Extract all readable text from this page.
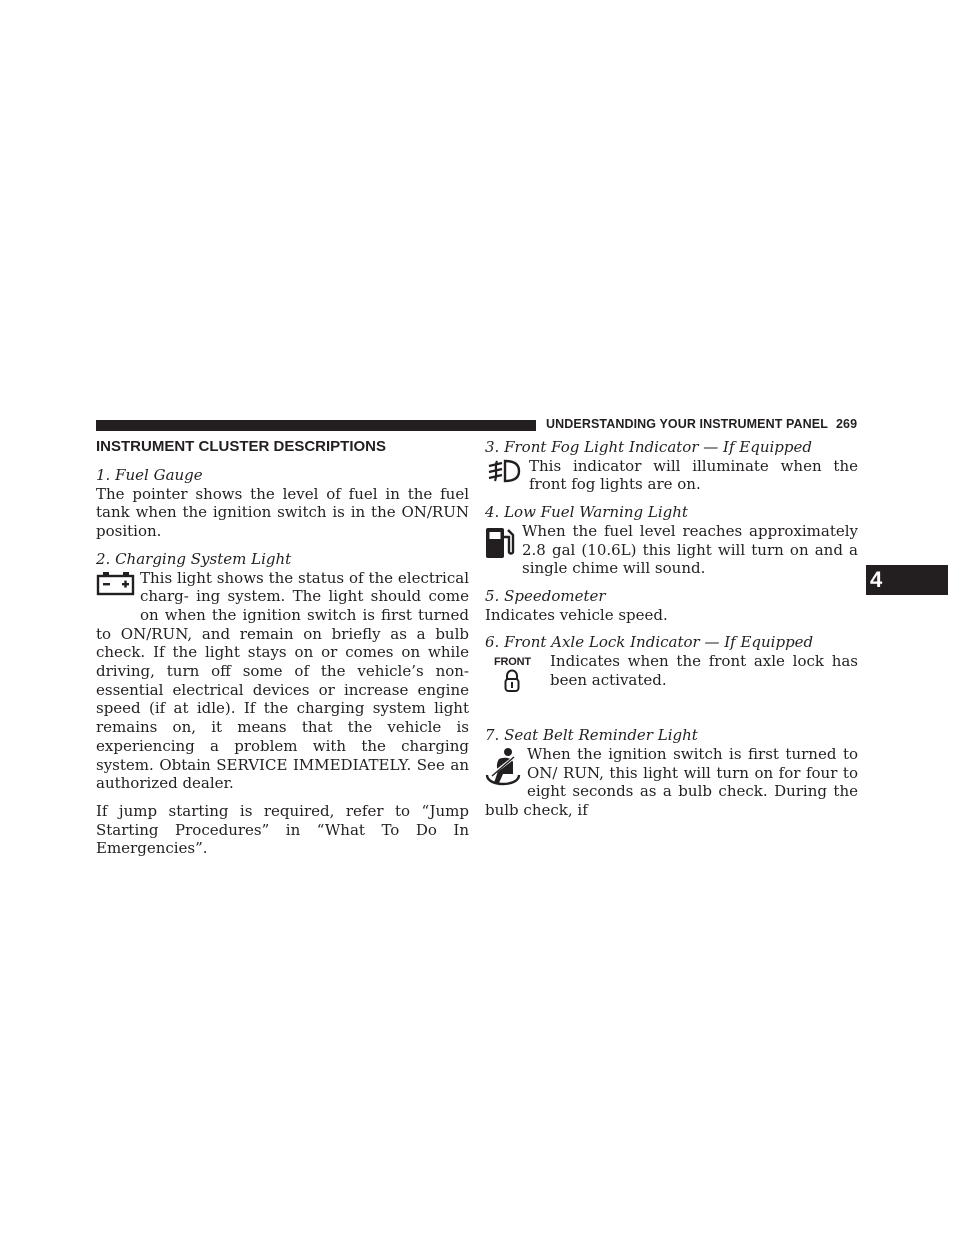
UNDERSTANDING YOUR INSTRUMENT PANEL 269
4
INSTRUMENT CLUSTER DESCRIPTIONS
1. Fuel Gauge

The pointer shows the level of fuel in the fuel tank when the ignition switch is in the ON/RUN position.

2. Charging System Light

This light shows the status of the electrical charg- ing system. The light should come on when the ignition switch is first turned to ON/RUN, and remain on briefly as a bulb check. If the light stays on or comes on while driving, turn off some of the vehicle’s non- essential electrical devices or increase engine speed (if at idle). If the charging system light remains on, it means that the vehicle is experiencing a problem with the charging system. Obtain SERVICE IMMEDIATELY. See an authorized dealer.

If jump starting is required, refer to “Jump Starting Procedures” in “What To Do In Emergencies”.

3. Front Fog Light Indicator — If Equipped

This indicator will illuminate when the front fog lights are on.

4. Low Fuel Warning Light

When the fuel level reaches approximately 2.8 gal (10.6L) this light will turn on and a single chime will sound.

5. Speedometer

Indicates vehicle speed.

6. Front Axle Lock Indicator — If Equipped
FRONT	Indicates when the front axle lock has been activated.

7. Seat Belt Reminder Light

When the ignition switch is first turned to ON/ RUN, this light will turn on for four to eight seconds as a bulb check. During the bulb check, if
